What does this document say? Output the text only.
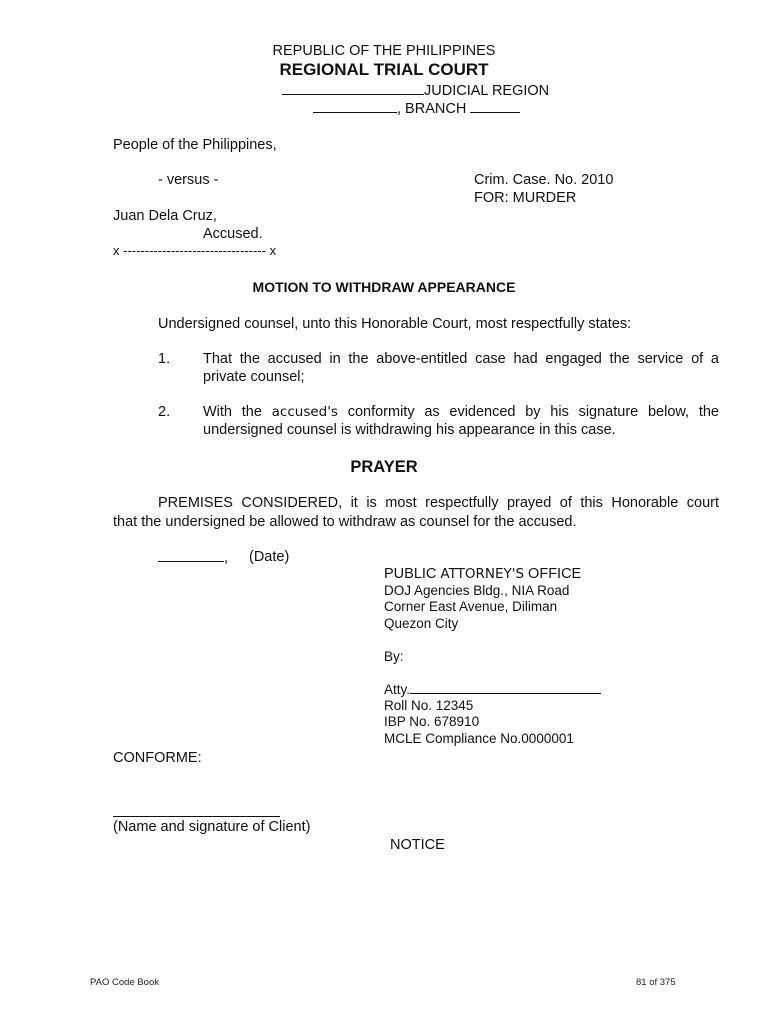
REPUBLIC OF THE PHILIPPINES
REGIONAL TRIAL COURT
JUDICIAL REGION
, BRANCH
People of the Philippines,
- versus -	Crim. Case. No. 2010
FOR: MURDER
Juan Dela Cruz,
Accused.
x --------------------------------- x
MOTION TO WITHDRAW APPEARANCE
Undersigned counsel, unto this Honorable Court, most respectfully states:
1. That the accused in the above-entitled case had engaged the service of a
private counsel;
2. With the accused's conformity as evidenced by his signature below, the
undersigned counsel is withdrawing his appearance in this case.
PRAYER
PREMISES CONSIDERED, it is most respectfully prayed of this Honorable court
that the undersigned be allowed to withdraw as counsel for the accused.
, (Date)
PUBLIC ATTORNEY'S OFFICE
DOJ Agencies Bldg., NIA Road
Corner East Avenue, Diliman
Quezon City
By:
Atty.
Roll No. 12345
IBP No. 678910
MCLE Compliance No.0000001
CONFORME:
(Name and signature of Client)
NOTICE
PAO Code Book	81 of 375
